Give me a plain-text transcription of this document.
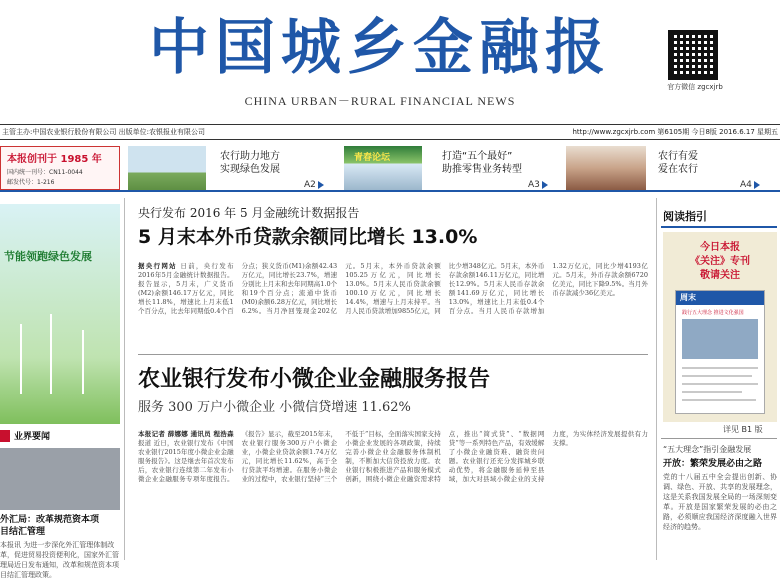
中国城乡金融报
CHINA URBAN－RURAL FINANCIAL NEWS
官方微信 zgcxjrb
主管主办:中国农业银行股份有限公司 出版单位:农银报业有限公司	http://www.zgcxjrb.com 第6105期 今日8版 2016.6.17 星期五
本报创刊于 1985 年
国内统一刊号：CN11-0044
邮发代号：1-216
农行助力地方
实现绿色发展
A2
青春论坛	打造“五个最好”
助推零售业务转型
A3
农行有爱
爱在农行
A4
节能领跑绿色发展
业界要闻
外汇局：改革规范资本项
目结汇管理
本报讯 为进一步深化外汇管理体制改革，促进贸易投资便利化，国家外汇管理局近日发布通知，改革和规范资本项目结汇管理政策。
央行发布 2016 年 5 月金融统计数据报告
5 月末本外币贷款余额同比增长 13.0%
据央行网站 日前，央行发布2016年5月金融统计数据报告。报告显示，5月末，广义货币(M2)余额146.17万亿元，同比增长11.8%，增速比上月末低1个百分点，比去年同期低0.4个百分点；狭义货币(M1)余额42.43万亿元，同比增长23.7%，增速分别比上月末和去年同期高1.0个和19个百分点；流通中货币(M0)余额6.28万亿元，同比增长6.2%。当月净回笼现金202亿元。5月末，本外币贷款余额105.25万亿元，同比增长13.0%。5月末人民币贷款余额100.10万亿元，同比增长14.4%，增速与上月末持平。当月人民币贷款增加9855亿元，同比少增348亿元。5月末，本外币存款余额146.11万亿元，同比增长12.9%。5月末人民币存款余额141.69万亿元，同比增长13.0%，增速比上月末低0.4个百分点。当月人民币存款增加1.32万亿元，同比少增4193亿元。5月末，外币存款余额6720亿美元，同比下降9.5%。当月外币存款减少36亿美元。
农业银行发布小微企业金融服务报告
服务 300 万户小微企业 小微信贷增速 11.62%
本报记者 薛娜娜 通讯员 程浩森 报道 近日，农业银行发布《中国农业银行2015年度小微企业金融服务报告》。这是继去年首次发布后，农业银行连续第二年发布小微企业金融服务专项年度报告。《报告》显示，截至2015年末，农业银行服务300万户小微企业，小微企业贷款余额1.74万亿元，同比增长11.62%，高于全行贷款平均增速。在服务小微企业的过程中，农业银行坚持“三个不低于”目标，全面落实国家支持小微企业发展的各项政策，持续完善小微企业金融服务体制机制，不断加大信贷投放力度。农业银行积极推进产品和服务模式创新，围绕小微企业融资需求特点，推出“简式贷”、“数据网贷”等一系列特色产品，有效缓解了小微企业融资难、融资贵问题。农业银行还充分发挥城乡联动优势，将金融服务延伸至县域，加大对县域小微企业的支持力度，为实体经济发展提供有力支撑。
阅读指引
今日本报
《关注》专刊
敬请关注
周末
践行五大理念 推进文化强国
详见 B1 版
“五大理念”指引金融发展
开放：繁荣发展必由之路
党的十八届五中全会提出创新、协调、绿色、开放、共享的发展理念，这是关系我国发展全局的一场深刻变革。开放是国家繁荣发展的必由之路，必须顺应我国经济深度融入世界经济的趋势。
